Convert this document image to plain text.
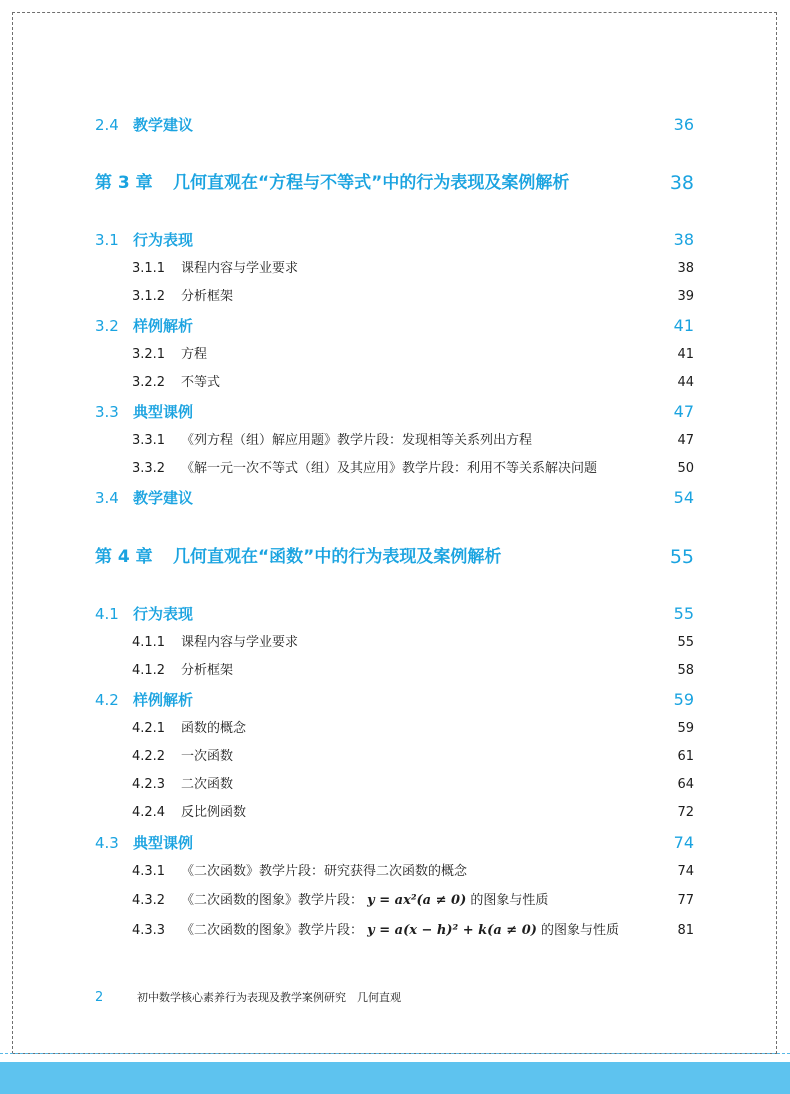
2.4 教学建议	36
第 3 章 几何直观在“方程与不等式”中的行为表现及案例解析	38
3.1 行为表现	38
3.1.1 课程内容与学业要求	38
3.1.2 分析框架	39
3.2 样例解析	41
3.2.1 方程	41
3.2.2 不等式	44
3.3 典型课例	47
3.3.1 《列方程（组）解应用题》教学片段：发现相等关系列出方程	47
3.3.2 《解一元一次不等式（组）及其应用》教学片段：利用不等关系解决问题	50
3.4 教学建议	54
第 4 章 几何直观在“函数”中的行为表现及案例解析	55
4.1 行为表现	55
4.1.1 课程内容与学业要求	55
4.1.2 分析框架	58
4.2 样例解析	59
4.2.1 函数的概念	59
4.2.2 一次函数	61
4.2.3 二次函数	64
4.2.4 反比例函数	72
4.3 典型课例	74
4.3.1 《二次函数》教学片段：研究获得二次函数的概念	74
4.3.2 《二次函数的图象》教学片段： y = ax²(a ≠ 0) 的图象与性质	77
4.3.3 《二次函数的图象》教学片段： y = a(x − h)² + k(a ≠ 0) 的图象与性质	81
2	初中数学核心素养行为表现及教学案例研究　几何直观
